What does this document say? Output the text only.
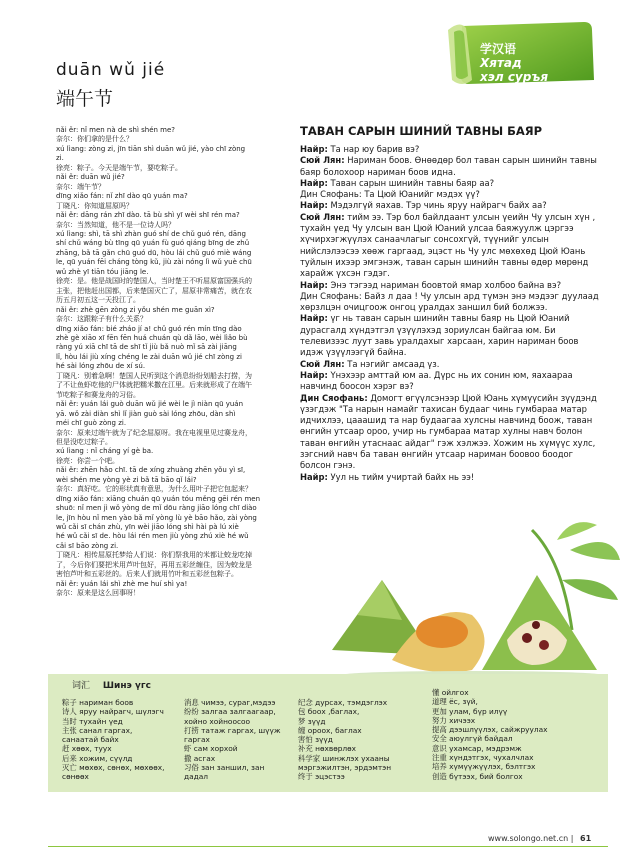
duān wǔ jié
端午节
学汉语
Хятад
хэл суръя
nǎi ěr: nǐ men nà de shì shén me?
奈尔：你们拿的是什么？
xú lìang: zòng zi, jīn tiān shì duān wǔ jié, yào chī zòng
zi.
徐亮：粽子。今天是端午节，要吃粽子。
nǎi ěr: duān wǔ jié?
奈尔：端午节？
dīng xiǎo fán: nǐ zhī dào qū yuán ma?
丁晓凡：你知道屈原吗？
nǎi ěr: dāng rán zhī dào. tā bù shì yī wèi shī rén ma?
奈尔：当然知道，他不是一位诗人吗？
xú lìang: shì, tā shì zhàn guó shí de chǔ guó rén, dāng
shí chǔ wáng bù tīng qū yuán fù guó qiáng bīng de zhǔ
zhāng, bǎ tā gǎn chū guó dū, hòu lái chǔ guó miè wáng
le, qū yuán fēi cháng tòng kǔ, jiù zài nóng lì wǔ yuè chū
wǔ zhè yī tiān tóu jiāng le.
徐亮：是。他是战国时的楚国人，当时楚王不听屈原富国强兵的
主张，把他赶出国都，后来楚国灭亡了，屈原非常痛苦，就在农
历五月初五这一天投江了。
nǎi ěr: zhè gēn zòng zi yǒu shén me guān xì?
奈尔：这跟粽子有什么关系？
dīng xiǎo fán: bié zháo jí a! chǔ guó rén mín tīng dào
zhè gè xiāo xī fēn fēn huá chuán qù dǎ lāo, wèi lìǎo bù
ràng yú xiā chī tā de shī tǐ jiù bǎ nuò mǐ sā zài jiāng
lǐ, hòu lái jiù xíng chéng le zài duān wǔ jié chī zòng zi
hé sài lóng zhōu de xí sú.
丁晓凡：别着急啊！楚国人民听到这个消息纷纷划船去打捞，为
了不让鱼虾吃他的尸体就把糯米撒在江里。后来就形成了在端午
节吃粽子和赛龙舟的习俗。
nǎi ěr: yuán lái guò duān wǔ jié wèi le jì niàn qū yuán
yā. wǒ zài diàn shì lǐ jiàn guò sài lóng zhōu, dàn shì
méi chī guò zòng zi.
奈尔：原来过端午就为了纪念屈原呀。我在电视里见过赛龙舟，
但是没吃过粽子。
xú lìang : nǐ cháng yí gè ba.
徐亮：你尝一个吧。
nǎi ěr: zhēn hǎo chī. tā de xíng zhuàng zhēn yǒu yì sī,
wèi shén me yòng yè zi bǎ tā bāo qǐ lái?
奈尔：真好吃。它的形状真有意思，为什么用叶子把它包起来？
dīng xiǎo fán: xiāng chuán qū yuán tóu měng gēi rén men
shuō: nǐ men jì wǒ yòng de mǐ dōu ràng jiāo lóng chī diào
le, jīn hòu nǐ men yào bǎ mǐ yòng lù yè bāo hǎo, zài yòng
wǔ cǎi sī chán zhù, yīn wèi jiāo lóng shì hài pà lú xiè
hé wǔ cǎi sī de. hòu lái rén men jiù yòng zhú xiè hé wǔ
cǎi sī bāo zòng zi.
丁晓凡：相传屈原托梦给人们说：你们祭我用的米都让蛟龙吃掉
了，今后你们要把米用芦叶包好，再用五彩丝缠住，因为蛟龙是
害怕芦叶和五彩丝的。后来人们就用竹叶和五彩丝包粽子。
nǎi ěr: yuán lái shì zhè me huí shì ya!
奈尔：原来是这么回事呀！
ТАВАН САРЫН ШИНИЙ ТАВНЫ БАЯР

Найр: Та нар юу барив вэ?

Сюй Лян: Нариман боов. Өнөөдөр бол таван сарын шинийн тавны баяр болохоор нариман боов идна.

Найр: Таван сарын шинийн тавны баяр аа?

Дин Сяофань: Та Цюй Юанийг мэдэх үү?

Найр: Мэдэлгүй яахав. Тэр чинь яруу найрагч байх аа?

Сюй Лян: тийм ээ. Тэр бол байлдаант улсын үеийн Чу улсын хүн , тухайн үед Чу улсын ван Цюй Юаний улсаа баяжуулж цэргээ хүчирхэгжүүлэх санаачлагыг сонсохгүй, түүнийг улсын нийслэлээсээ хөөж гаргаад, эцэст нь Чу улс мөхөхөд Цюй Юань туйлын ихээр эмгэнэж, таван сарын шинийн тавны өдөр мөрөнд харайж үхсэн гэдэг.

Найр: Энэ тэгээд нариман боовтой ямар холбоо байна вэ?

Дин Сяофань: Байз л даа ! Чу улсын ард түмэн энэ мэдээг дуулаад хөрзлцэн очицгоож онгоц уралдах заншил бий болжээ.

Найр: үг нь таван сарын шинийн тавны баяр нь Цюй Юаний дурасгалд хүндэтгэл үзүүлэхэд зориулсан байгаа юм. Би телевизээс луут завь уралдахыг харсаан, харин нариман боов идэж үзүүлээгүй байна.

Сюй Лян: Та нэгийг амсаад үз.

Найр: Үнэхээр амттай юм аа. Дүрс нь их сонин юм, яахаараа навчинд боосон хэрэг вэ?

Дин Сяофань: Домогт өгүүлсэнээр Цюй Юань хүмүүсийн зүүдэнд үзэгдэж "Та нарын намайг тахисан будааг чинь гумбараа матар идчихлээ, цааашид та нар будаагаа хулсны навчинд боож, таван өнгийн утсаар ороо, учир нь гумбараа матар хулны навч болон таван өнгийн утаснаас айдаг" гэж хэлжээ. Хожим нь хүмүүс хулс, зэгсний навч ба таван өнгийн утсаар нариман боовоо боодог болсон гэнэ.

Найр: Уул нь тийм учиртай байх нь ээ!

词汇 Шинэ үгс
粽子 нариман боов
诗人 яруу найрагч, шүлэгч
当时 тухайн үед
主张 санал гаргах,
санаатай байх
赶 хөөх, туух
后来 хожим, сүүлд
灭亡 мөхөх, сөнөх, мөхөөх,
сөнөөх
消息 чимээ, сураг,мэдээ
纷纷 залгаа залгаагаар,
хойно хойноосоо
打捞 татаж гаргах, шүүж
гаргах
虾 сам хорхой
撒 асгах
习俗 зан заншил, зан
дадал
纪念 дурсах, тэмдэглэх
包 боох ,баглах,
梦 зүүд
缠 ороох, баглах
害怕 зүүд
补充 нөхвөрлөх
科学家 шинжлэх ухааны
мэргэжилтэн, эрдэмтэн
终于 эцэстээ
懂 ойлгох
道理 ёс, зүй,
更加 улам, бүр илүү
努力 хичээх
提高 дээшлүүлэх, сайжруулах
安全 аюулгүй байдал
意识 ухамсар, мэдрэмж
注重 хүндэтгэх, чухалчлах
培养 хүмүүжүүлэх, бэлтгэх
创造 бүтээх, бий болгох
www.solongo.net.cn | 61
